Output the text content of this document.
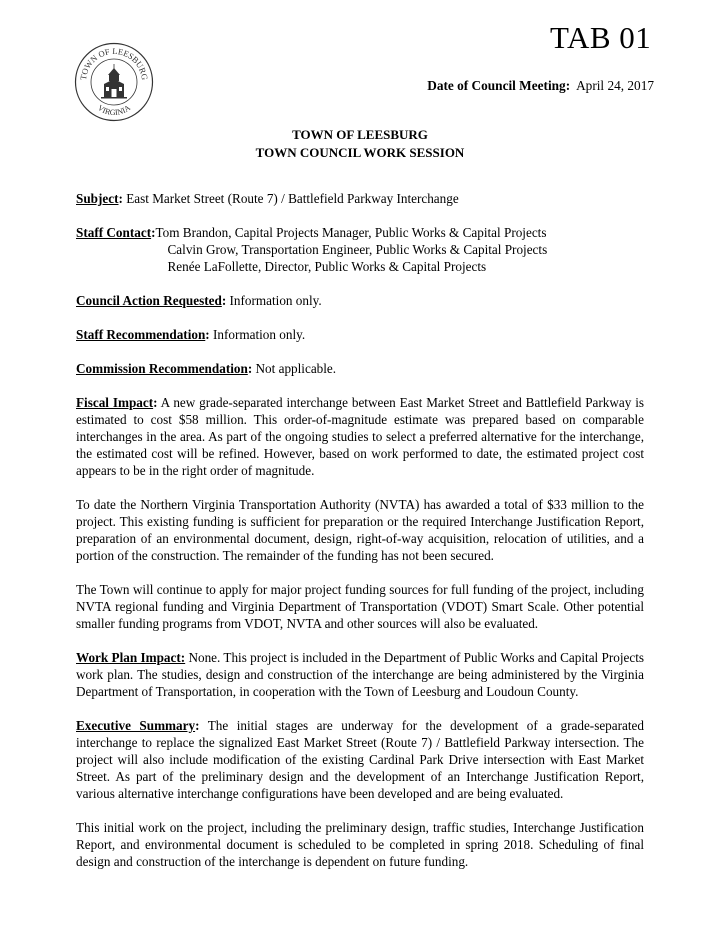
TAB 01
TOWN OF LEESBURG
VIRGINIA
Date of Council Meeting: April 24, 2017
TOWN OF LEESBURG
TOWN COUNCIL WORK SESSION

Subject: East Market Street (Route 7) / Battlefield Parkway Interchange

Staff Contact: Tom Brandon, Capital Projects Manager, Public Works & Capital Projects
Calvin Grow, Transportation Engineer, Public Works & Capital Projects
Renée LaFollette, Director, Public Works & Capital Projects

Council Action Requested: Information only.

Staff Recommendation: Information only.

Commission Recommendation: Not applicable.

Fiscal Impact: A new grade-separated interchange between East Market Street and Battlefield Parkway is estimated to cost $58 million. This order-of-magnitude estimate was prepared based on comparable interchanges in the area. As part of the ongoing studies to select a preferred alternative for the interchange, the estimated cost will be refined. However, based on work performed to date, the estimated project cost appears to be in the right order of magnitude.

To date the Northern Virginia Transportation Authority (NVTA) has awarded a total of $33 million to the project. This existing funding is sufficient for preparation or the required Interchange Justification Report, preparation of an environmental document, design, right-of-way acquisition, relocation of utilities, and a portion of the construction. The remainder of the funding has not been secured.

The Town will continue to apply for major project funding sources for full funding of the project, including NVTA regional funding and Virginia Department of Transportation (VDOT) Smart Scale. Other potential smaller funding programs from VDOT, NVTA and other sources will also be evaluated.

Work Plan Impact: None. This project is included in the Department of Public Works and Capital Projects work plan. The studies, design and construction of the interchange are being administered by the Virginia Department of Transportation, in cooperation with the Town of Leesburg and Loudoun County.

Executive Summary: The initial stages are underway for the development of a grade-separated interchange to replace the signalized East Market Street (Route 7) / Battlefield Parkway intersection. The project will also include modification of the existing Cardinal Park Drive intersection with East Market Street. As part of the preliminary design and the development of an Interchange Justification Report, various alternative interchange configurations have been developed and are being evaluated.

This initial work on the project, including the preliminary design, traffic studies, Interchange Justification Report, and environmental document is scheduled to be completed in spring 2018. Scheduling of final design and construction of the interchange is dependent on future funding.
